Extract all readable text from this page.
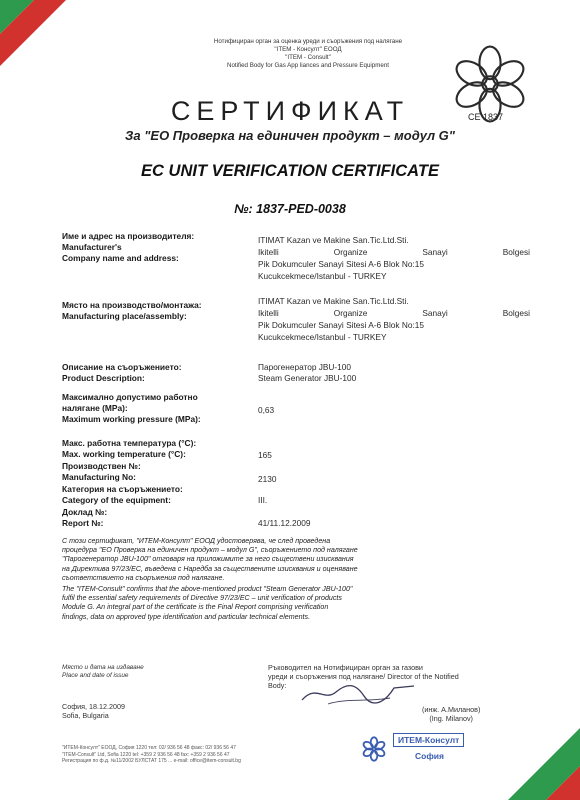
Нотифициран орган за оценка уреди и съоръжения под налягане
"ITEM - Консулт" ЕООД
"ITEM - Consult"
Notified Body for Gas App liances and Pressure Equipment
CE 1837
СЕРТИФИКАТ
За "ЕО Проверка на единичен продукт – модул G"
EC UNIT VERIFICATION CERTIFICATE
№: 1837-PED-0038
Име и адрес на производителя:
Manufacturer's
Company name and address:
ITIMAT Kazan ve Makine San.Tic.Ltd.Sti.
Ikitelli	Organize	Sanayi	Bolgesi
Pik Dokumculer Sanayi Sitesi A-6 Blok No:15
Kucukcekmece/Istanbul - TURKEY
Място на производство/монтажа:
Manufacturing place/assembly:
ITIMAT Kazan ve Makine San.Tic.Ltd.Sti.
Ikitelli	Organize	Sanayi	Bolgesi
Pik Dokumculer Sanayi Sitesi A-6 Blok No:15
Kucukcekmece/Istanbul - TURKEY
Описание на съоръжението:
Product Description:
Парогенератор JBU-100
Steam Generator JBU-100
Максимално допустимо работно
налягане (MPa):
Maximum working pressure (MPa):
0,63
Макс. работна температура (°C):
Max. working temperature (°C):	165
Производствен №:
Manufacturing No:	2130
Категория на съоръжението:
Category of the equipment:	III.
Доклад №:
Report №:	41/11.12.2009
С този сертификат, "ИТЕМ-Консулт" ЕООД удостоверява, че след проведена
процедура "ЕО Проверка на единичен продукт – модул G", съоръжението под налягане
"Парогенератор JBU-100" отговаря на приложимите за него съществени изисквания
на Директива 97/23/ЕС, въведена с Наредба за съществените изисквания и оценяване
съответствието на съоръжения под налягане.
The "ITEM-Consult" confirms that the above-mentioned product "Steam Generator JBU-100"
fulfil the essential safety requirements of Directive 97/23/EC – unit verification of products
Module G. An integral part of the certificate is the Final Report comprising verification
findings, data on approved type identification and particular technical elements.
Място и дата на издаване
Place and date of issue
София, 18.12.2009
Sofia, Bulgaria
Ръководител на Нотифициран орган за газови
уреди и съоръжения под налягане/ Director of the Notified
Body:
(инж. А.Миланов)
(Ing. Milanov)
"ИТЕМ-Консулт" ЕООД, София 1220 тел: 02/ 936 56 48 факс: 02/ 936 56 47
"ITEM-Consult" Ltd, Sofia 1220 tel: +359 2 936 56 48 fax: +359 2 936 56 47
Регистрация по ф.д. №11/2002 БУЛСТАТ 175 ... e-mail: office@item-consult.bg
ИТЕМ-Консулт
София
